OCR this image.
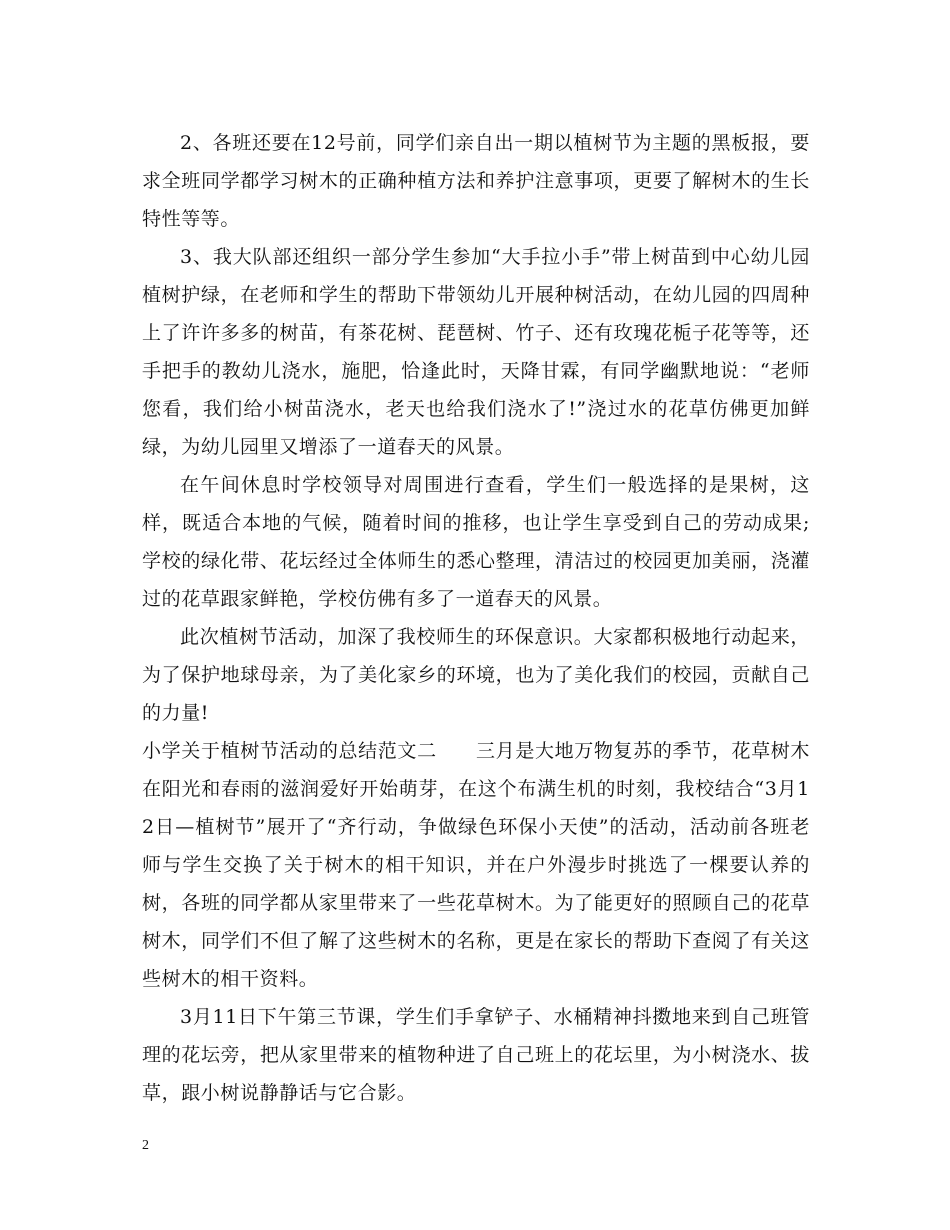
2、各班还要在12号前，同学们亲自出一期以植树节为主题的黑板报，要求全班同学都学习树木的正确种植方法和养护注意事项，更要了解树木的生长特性等等。

3、我大队部还组织一部分学生参加“大手拉小手”带上树苗到中心幼儿园植树护绿，在老师和学生的帮助下带领幼儿开展种树活动，在幼儿园的四周种上了许许多多的树苗，有茶花树、琵琶树、竹子、还有玫瑰花栀子花等等，还手把手的教幼儿浇水，施肥，恰逢此时，天降甘霖，有同学幽默地说：“老师您看，我们给小树苗浇水，老天也给我们浇水了!”浇过水的花草仿佛更加鲜绿，为幼儿园里又增添了一道春天的风景。

在午间休息时学校领导对周围进行查看，学生们一般选择的是果树，这样，既适合本地的气候，随着时间的推移，也让学生享受到自己的劳动成果;学校的绿化带、花坛经过全体师生的悉心整理，清洁过的校园更加美丽，浇灌过的花草跟家鲜艳，学校仿佛有多了一道春天的风景。

此次植树节活动，加深了我校师生的环保意识。大家都积极地行动起来，为了保护地球母亲，为了美化家乡的环境，也为了美化我们的校园，贡献自己的力量!

小学关于植树节活动的总结范文二　　三月是大地万物复苏的季节，花草树木在阳光和春雨的滋润爱好开始萌芽，在这个布满生机的时刻，我校结合“3月12日—植树节”展开了“齐行动，争做绿色环保小天使”的活动，活动前各班老师与学生交换了关于树木的相干知识，并在户外漫步时挑选了一棵要认养的树，各班的同学都从家里带来了一些花草树木。为了能更好的照顾自己的花草树木，同学们不但了解了这些树木的名称，更是在家长的帮助下查阅了有关这些树木的相干资料。

3月11日下午第三节课，学生们手拿铲子、水桶精神抖擞地来到自己班管理的花坛旁，把从家里带来的植物种进了自己班上的花坛里，为小树浇水、拔草，跟小树说静静话与它合影。

2
